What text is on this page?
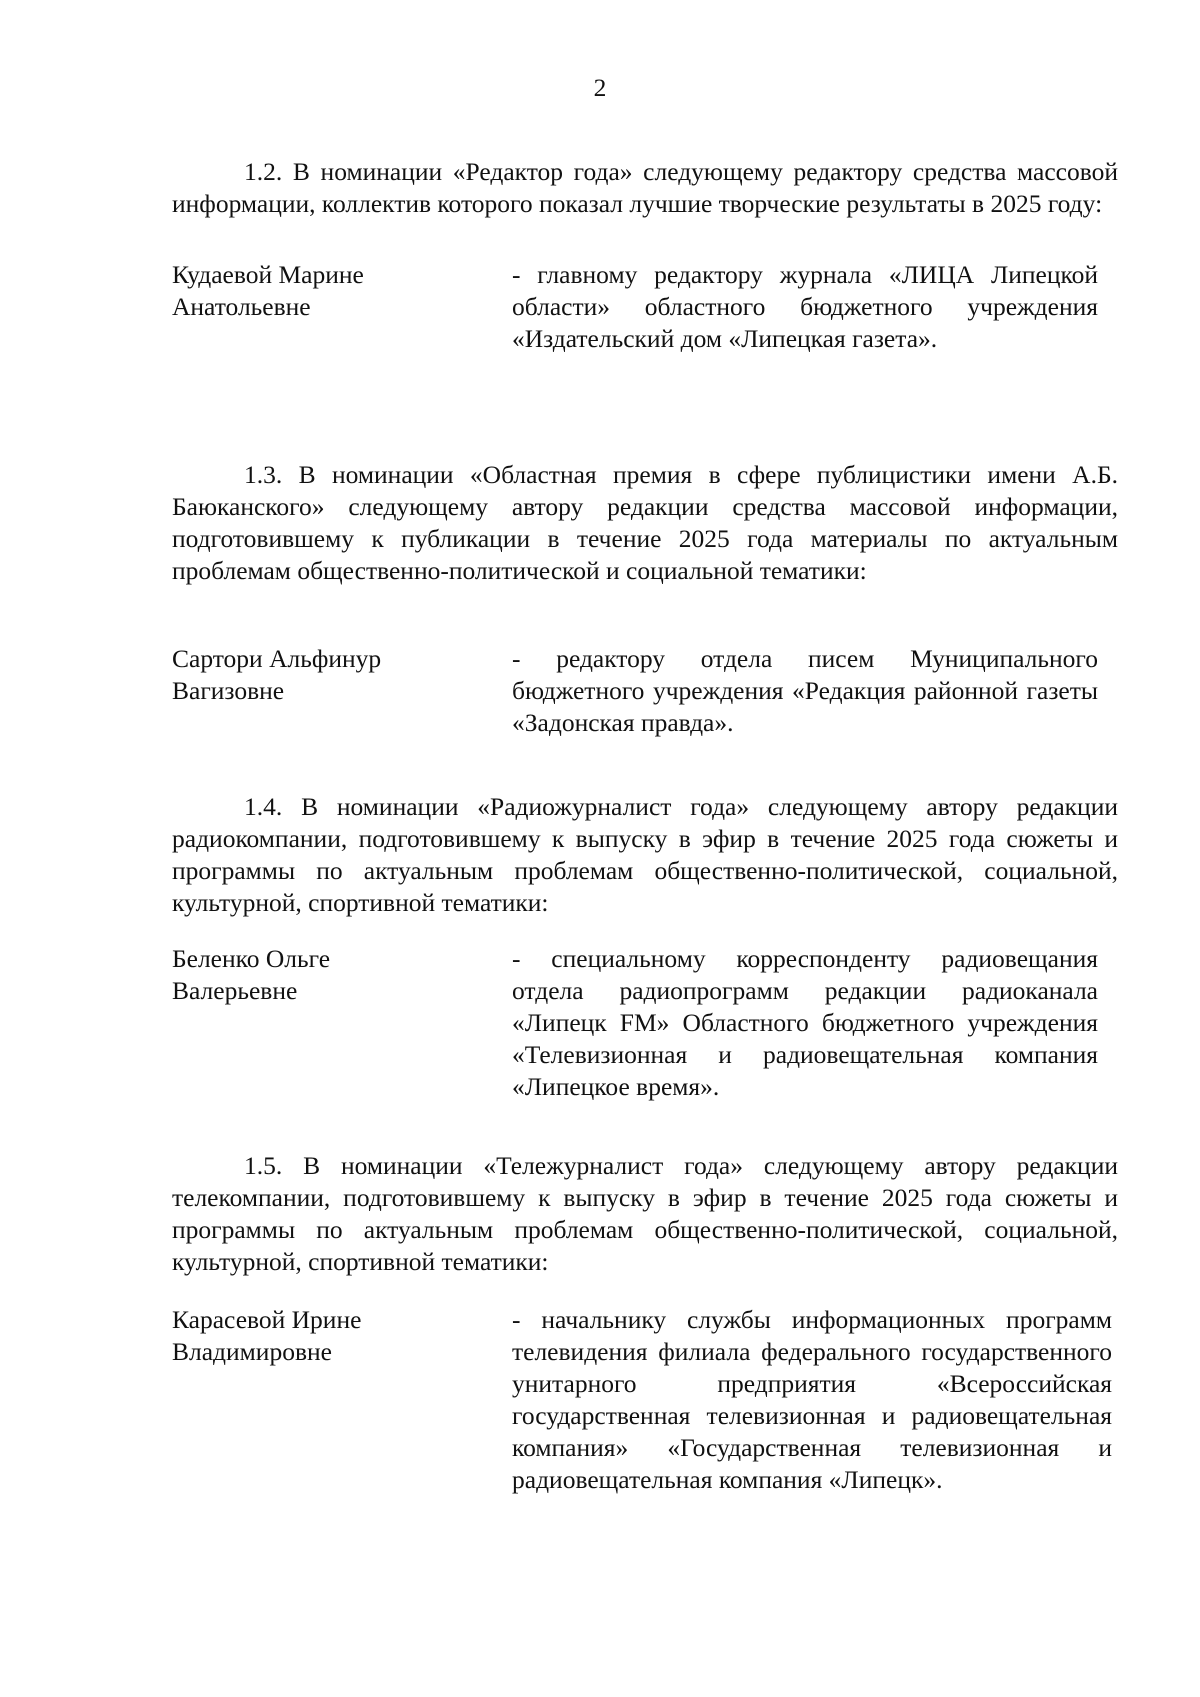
2

1.2. В номинации «Редактор года» следующему редактору средства массовой информации, коллектив которого показал лучшие творческие результаты в 2025 году:

Кудаевой Марине
Анатольевне
- главному редактору журнала «ЛИЦА Липецкой области» областного бюджетного учреждения «Издательский дом «Липецкая газета».

1.3. В номинации «Областная премия в сфере публицистики имени А.Б. Баюканского» следующему автору редакции средства массовой информации, подготовившему к публикации в течение 2025 года материалы по актуальным проблемам общественно-политической и социальной тематики:

Сартори Альфинур
Вагизовне
- редактору отдела писем Муниципального бюджетного учреждения «Редакция районной газеты «Задонская правда».

1.4. В номинации «Радиожурналист года» следующему автору редакции радиокомпании, подготовившему к выпуску в эфир в течение 2025 года сюжеты и программы по актуальным проблемам общественно-политической, социальной, культурной, спортивной тематики:

Беленко Ольге
Валерьевне
- специальному корреспонденту радиовещания отдела радиопрограмм редакции радиоканала «Липецк FM» Областного бюджетного учреждения «Телевизионная и радиовещательная компания «Липецкое время».

1.5. В номинации «Тележурналист года» следующему автору редакции телекомпании, подготовившему к выпуску в эфир в течение 2025 года сюжеты и программы по актуальным проблемам общественно-политической, социальной, культурной, спортивной тематики:

Карасевой Ирине
Владимировне
- начальнику службы информационных программ телевидения филиала федерального государственного унитарного предприятия «Всероссийская государственная телевизионная и радиовещательная компания» «Государственная телевизионная и радиовещательная компания «Липецк».
